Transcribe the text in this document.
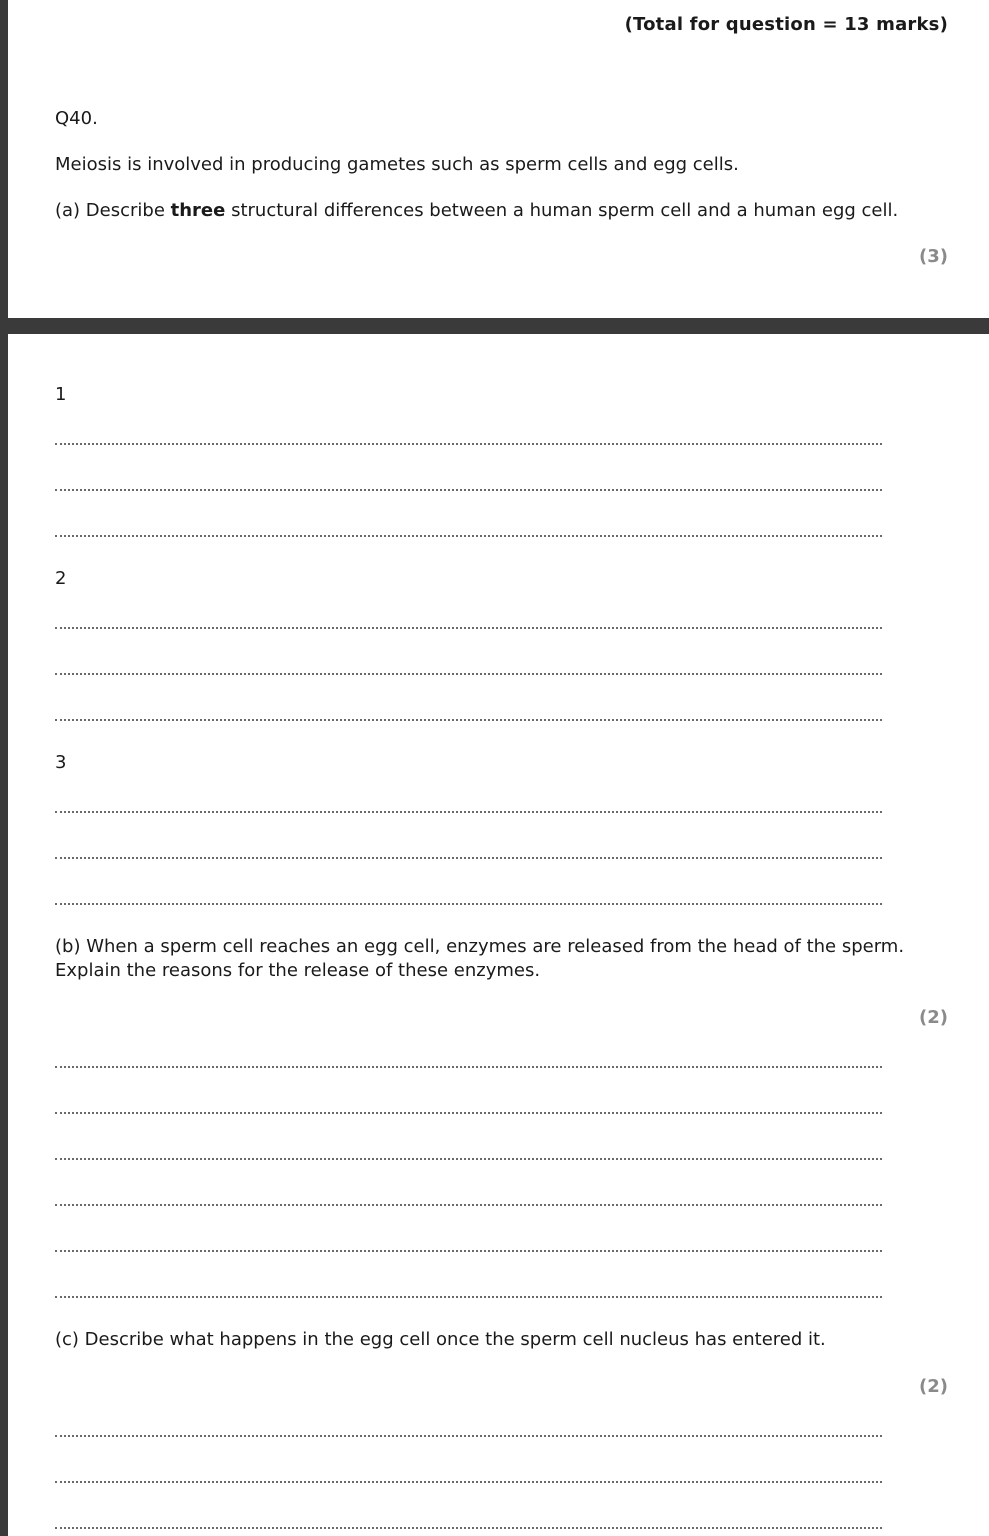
(Total for question = 13 marks)
Q40.
Meiosis is involved in producing gametes such as sperm cells and egg cells.
(a) Describe three structural differences between a human sperm cell and a human egg cell.
(3)
1
2
3
(b) When a sperm cell reaches an egg cell, enzymes are released from the head of the sperm.
Explain the reasons for the release of these enzymes.
(2)
(c) Describe what happens in the egg cell once the sperm cell nucleus has entered it.
(2)
